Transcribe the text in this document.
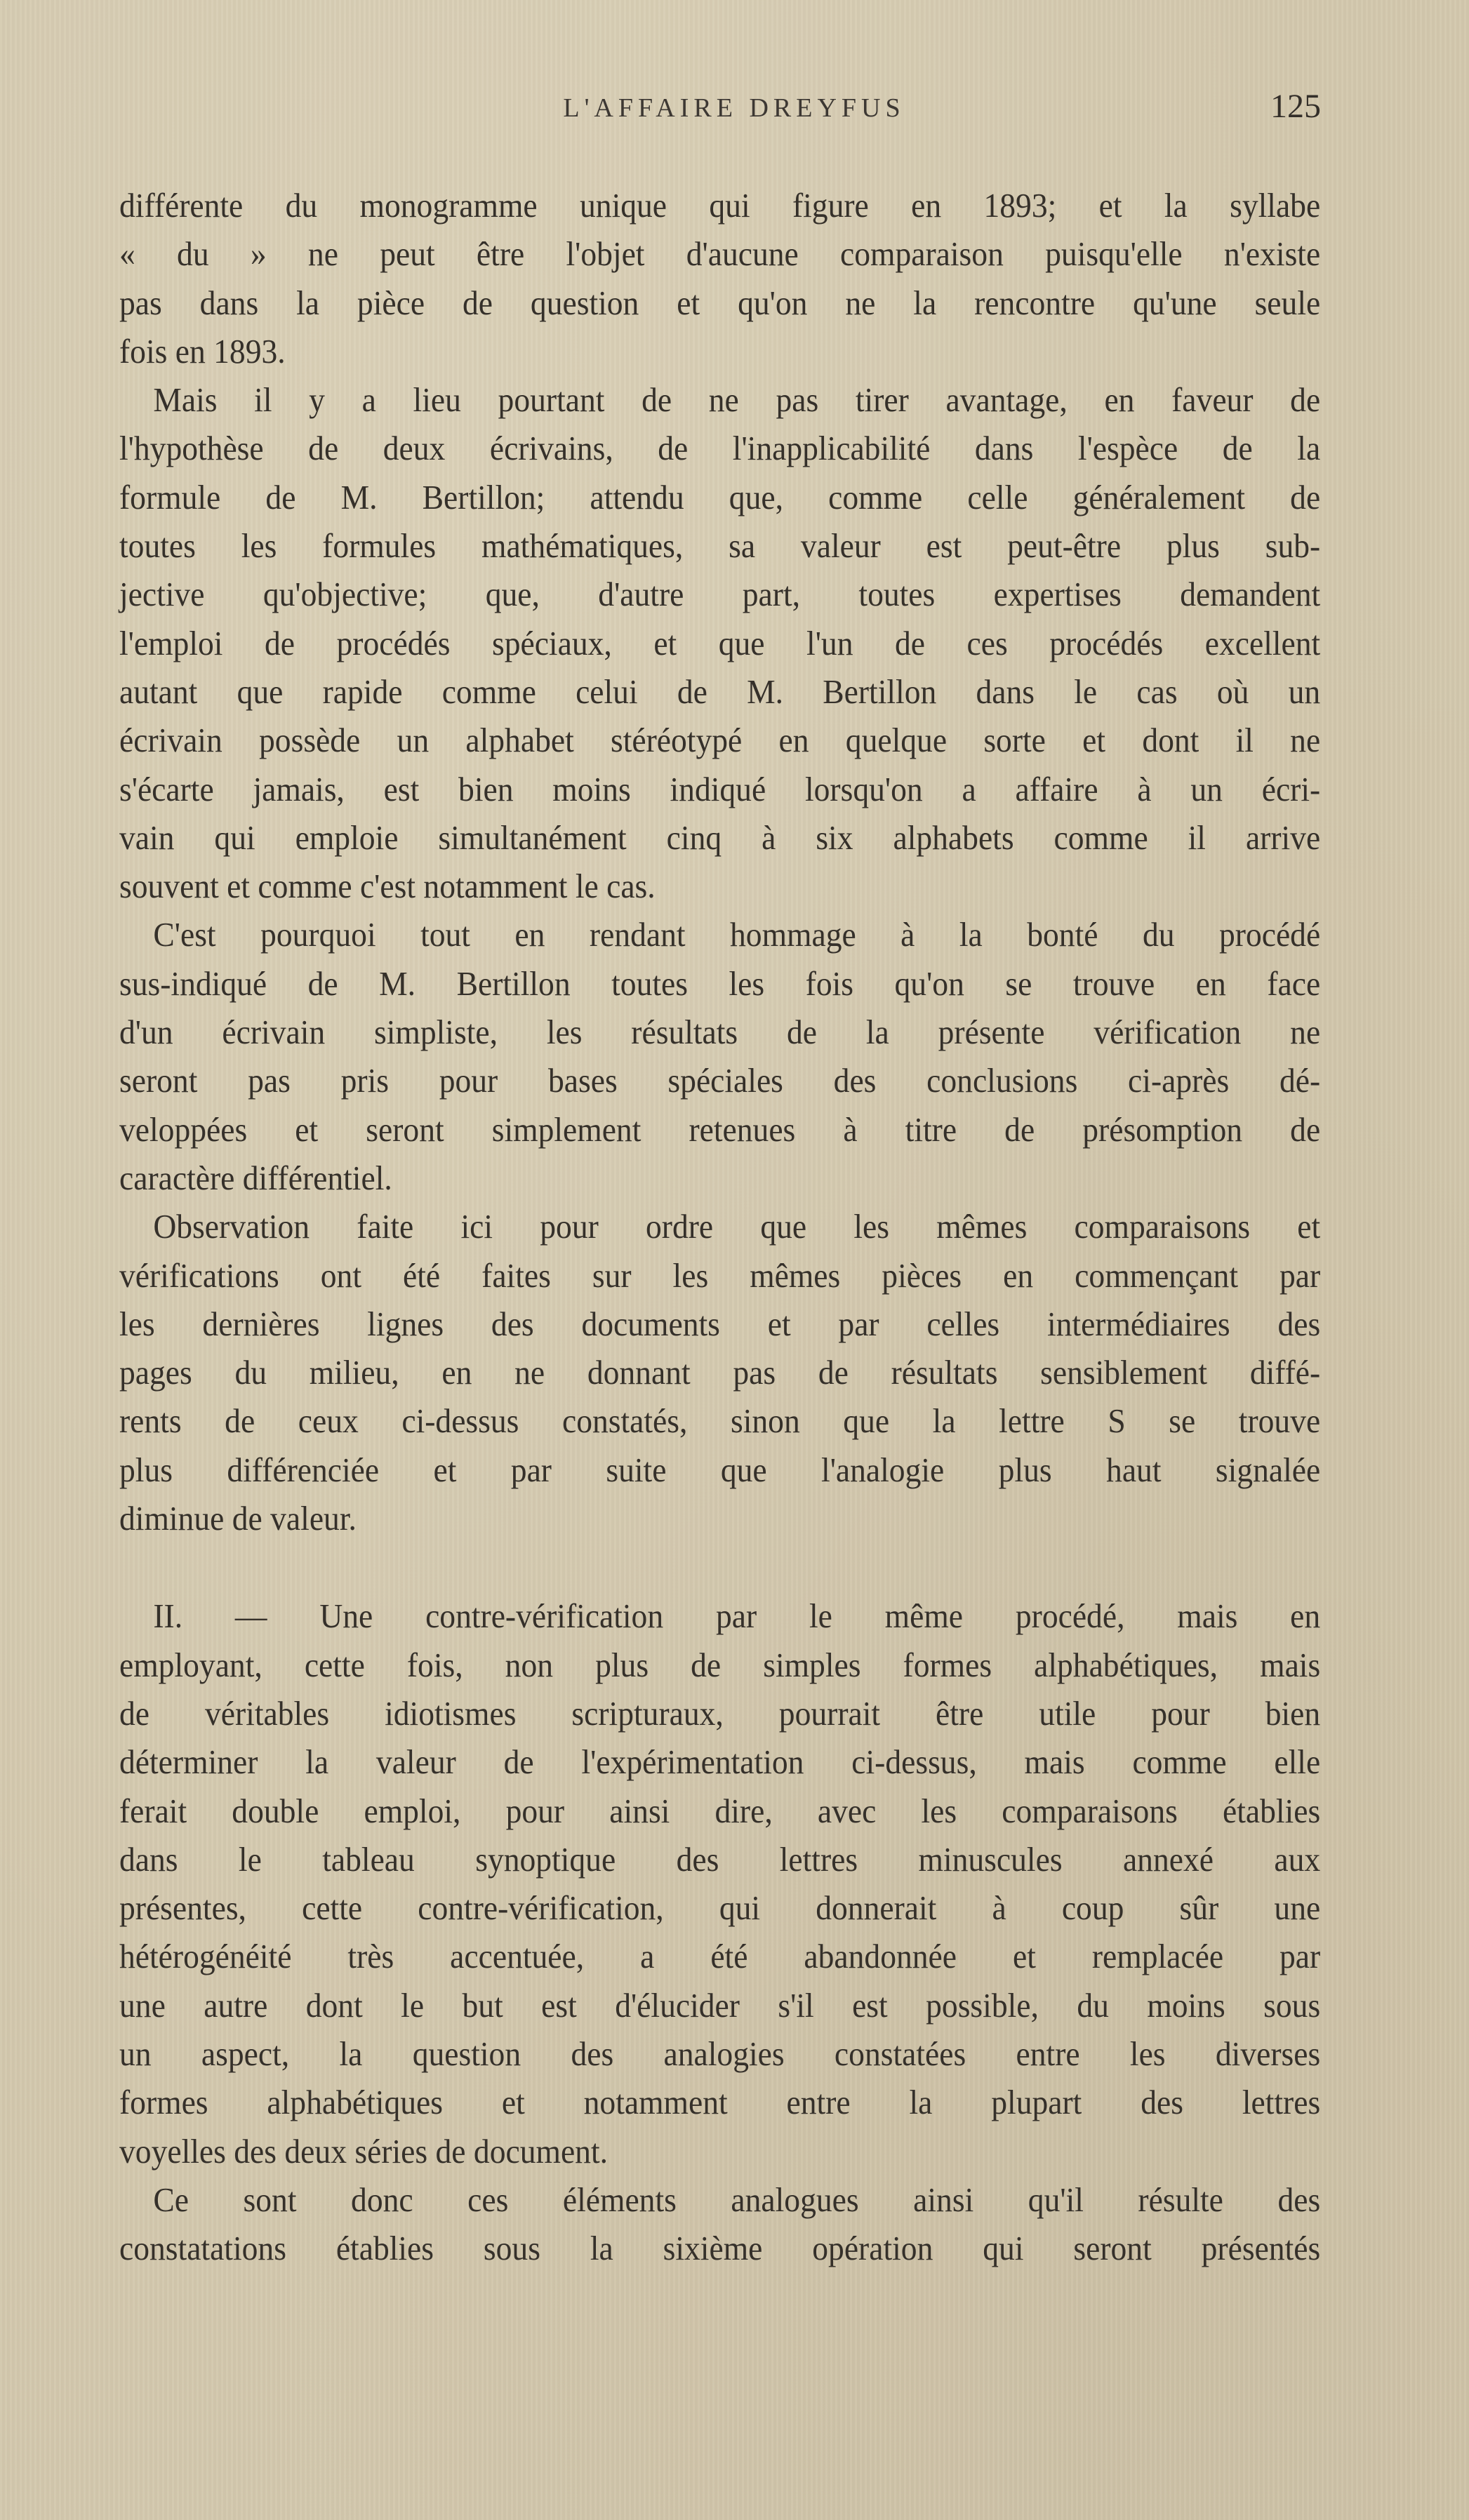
L'AFFAIRE DREYFUS	125
différente du monogramme unique qui figure en 1893; et la syllabe
« du » ne peut être l'objet d'aucune comparaison puisqu'elle n'existe
pas dans la pièce de question et qu'on ne la rencontre qu'une seule
fois en 1893.
Mais il y a lieu pourtant de ne pas tirer avantage, en faveur de
l'hypothèse de deux écrivains, de l'inapplicabilité dans l'espèce de la
formule de M. Bertillon; attendu que, comme celle généralement de
toutes les formules mathématiques, sa valeur est peut-être plus sub-
jective qu'objective; que, d'autre part, toutes expertises demandent
l'emploi de procédés spéciaux, et que l'un de ces procédés excellent
autant que rapide comme celui de M. Bertillon dans le cas où un
écrivain possède un alphabet stéréotypé en quelque sorte et dont il ne
s'écarte jamais, est bien moins indiqué lorsqu'on a affaire à un écri-
vain qui emploie simultanément cinq à six alphabets comme il arrive
souvent et comme c'est notamment le cas.
C'est pourquoi tout en rendant hommage à la bonté du procédé
sus-indiqué de M. Bertillon toutes les fois qu'on se trouve en face
d'un écrivain simpliste, les résultats de la présente vérification ne
seront pas pris pour bases spéciales des conclusions ci-après dé-
veloppées et seront simplement retenues à titre de présomption de
caractère différentiel.
Observation faite ici pour ordre que les mêmes comparaisons et
vérifications ont été faites sur les mêmes pièces en commençant par
les dernières lignes des documents et par celles intermédiaires des
pages du milieu, en ne donnant pas de résultats sensiblement diffé-
rents de ceux ci-dessus constatés, sinon que la lettre S se trouve
plus différenciée et par suite que l'analogie plus haut signalée
diminue de valeur.
II. — Une contre-vérification par le même procédé, mais en
employant, cette fois, non plus de simples formes alphabétiques, mais
de véritables idiotismes scripturaux, pourrait être utile pour bien
déterminer la valeur de l'expérimentation ci-dessus, mais comme elle
ferait double emploi, pour ainsi dire, avec les comparaisons établies
dans le tableau synoptique des lettres minuscules annexé aux
présentes, cette contre-vérification, qui donnerait à coup sûr une
hétérogénéité très accentuée, a été abandonnée et remplacée par
une autre dont le but est d'élucider s'il est possible, du moins sous
un aspect, la question des analogies constatées entre les diverses
formes alphabétiques et notamment entre la plupart des lettres
voyelles des deux séries de document.
Ce sont donc ces éléments analogues ainsi qu'il résulte des
constatations établies sous la sixième opération qui seront présentés
